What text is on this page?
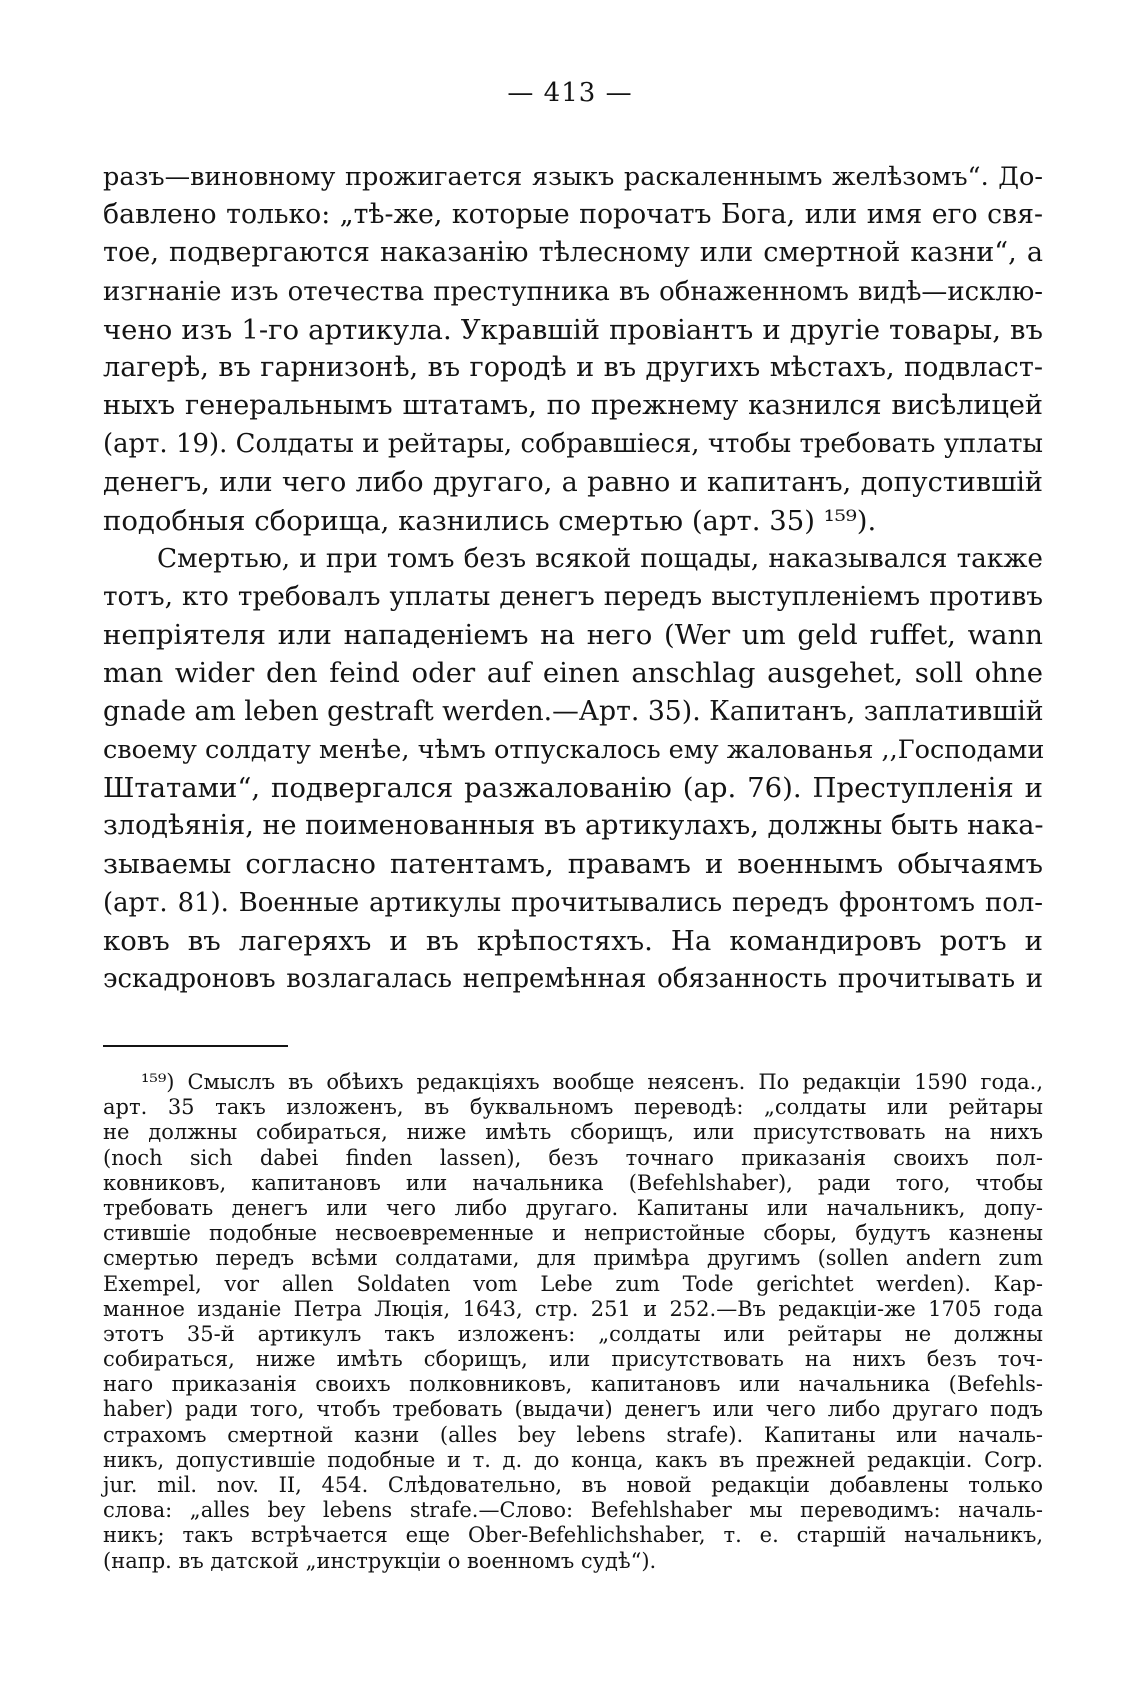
— 413 —
разъ—виновному прожигается языкъ раскаленнымъ желѣзомъ“. До-
бавлено только: „тѣ-же, которые порочатъ Бога, или имя его свя-
тое, подвергаются наказанію тѣлесному или смертной казни“, а
изгнаніе изъ отечества преступника въ обнаженномъ видѣ—исклю-
чено изъ 1-го артикула. Укравшій провіантъ и другіе товары, въ
лагерѣ, въ гарнизонѣ, въ городѣ и въ другихъ мѣстахъ, подвласт-
ныхъ генеральнымъ штатамъ, по прежнему казнился висѣлицей
(арт. 19). Солдаты и рейтары, собравшіеся, чтобы требовать уплаты
денегъ, или чего либо другаго, а равно и капитанъ, допустившій
подобныя сборища, казнились смертью (арт. 35) ¹⁵⁹).
Смертью, и при томъ безъ всякой пощады, наказывался также
тотъ, кто требовалъ уплаты денегъ передъ выступленіемъ противъ
непріятеля или нападеніемъ на него (Wer um geld ruffet, wann
man wider den feind oder auf einen anschlag ausgehet, soll ohne
gnade am leben gestraft werden.—Арт. 35). Капитанъ, заплатившій
своему солдату менѣе, чѣмъ отпускалось ему жалованья ,,Господами
Штатами“, подвергался разжалованію (ар. 76). Преступленія и
злодѣянія, не поименованныя въ артикулахъ, должны быть нака-
зываемы согласно патентамъ, правамъ и военнымъ обычаямъ
(арт. 81). Военные артикулы прочитывались передъ фронтомъ пол-
ковъ въ лагеряхъ и въ крѣпостяхъ. На командировъ ротъ и
эскадроновъ возлагалась непремѣнная обязанность прочитывать и
¹⁵⁹) Смыслъ въ обѣихъ редакціяхъ вообще неясенъ. По редакціи 1590 года.,
арт. 35 такъ изложенъ, въ буквальномъ переводѣ: „солдаты или рейтары
не должны собираться, ниже имѣть сборищъ, или присутствовать на нихъ
(noch sich dabei finden lassen), безъ точнаго приказанія своихъ пол-
ковниковъ, капитановъ или начальника (Befehlshaber), ради того, чтобы
требовать денегъ или чего либо другаго. Капитаны или начальникъ, допу-
стившіе подобные несвоевременные и непристойные сборы, будутъ казнены
смертью передъ всѣми солдатами, для примѣра другимъ (sollen andern zum
Exempel, vor allen Soldaten vom Lebe zum Tode gerichtet werden). Кар-
манное изданіе Петра Люція, 1643, стр. 251 и 252.—Въ редакціи-же 1705 года
этотъ 35-й артикулъ такъ изложенъ: „солдаты или рейтары не должны
собираться, ниже имѣть сборищъ, или присутствовать на нихъ безъ точ-
наго приказанія своихъ полковниковъ, капитановъ или начальника (Befehls-
haber) ради того, чтобъ требовать (выдачи) денегъ или чего либо другаго подъ
страхомъ смертной казни (alles bey lebens strafe). Капитаны или началь-
никъ, допустившіе подобные и т. д. до конца, какъ въ прежней редакціи. Corp.
jur. mil. nov. II, 454. Слѣдовательно, въ новой редакціи добавлены только
слова: „alles bey lebens strafe.—Слово: Befehlshaber мы переводимъ: началь-
никъ; такъ встрѣчается еще Ober-Befehlichshaber, т. е. старшій начальникъ,
(напр. въ датской „инструкціи о военномъ судѣ“).
